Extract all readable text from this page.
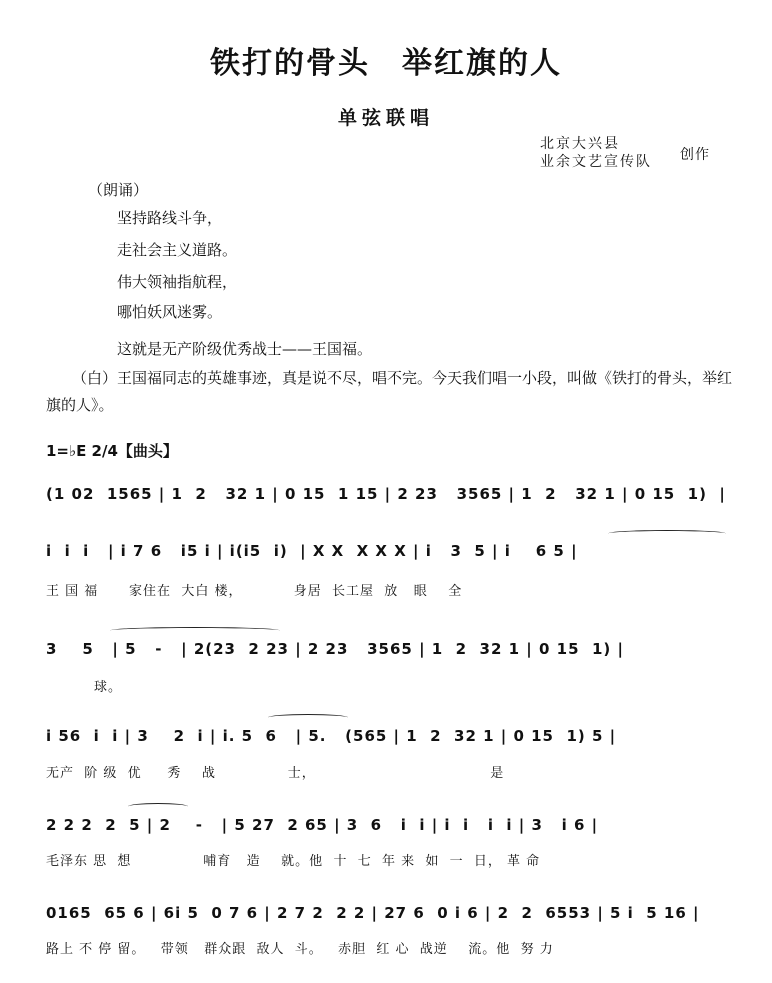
铁打的骨头　举红旗的人
单弦联唱
北京大兴县
业余文艺宣传队 创作
（朗诵）
坚持路线斗争，
走社会主义道路。
伟大领袖指航程，
哪怕妖风迷雾。
这就是无产阶级优秀战士——王国福。
（白）王国福同志的英雄事迹，真是说不尽，唱不完。今天我们唱一小段，叫做《铁打的骨头，举红旗的人》。
1=♭E 2/4【曲头】
(1 02  1565 | 1  2   32 1 | 0 15  1 15 | 2 23   3565 | 1  2   32 1 | 0 15  1)  |
i  i  i   | i 7 6   i5 i | i(i5  i)  | X X  X X X | i   3  5 | i    6 5 |
王 国 福      家住在  大白 楼，          身居  长工屋  放   眼    全
3    5   | 5   -   | 2(23  2 23 | 2 23   3565 | 1  2  32 1 | 0 15  1) |
球。
i 56  i  i | 3    2  i | i. 5  6   | 5.   (565 | 1  2  32 1 | 0 15  1) 5 |
无产  阶 级  优     秀    战              士，                                  是
2 2 2  2  5 | 2    -   | 5 27  2 65 | 3  6   i  i | i  i   i  i | 3   i 6 |
毛泽东 思  想              哺育   造    就。他  十  七  年 来  如  一  日， 革 命
0165  65 6 | 6i 5  0 7 6 | 2 7 2  2 2 | 27 6  0 i 6 | 2  2  6553 | 5 i  5 16 |
路上 不 停 留。   带领   群众跟  敌人  斗。   赤胆  红 心  战逆    流。他  努 力
